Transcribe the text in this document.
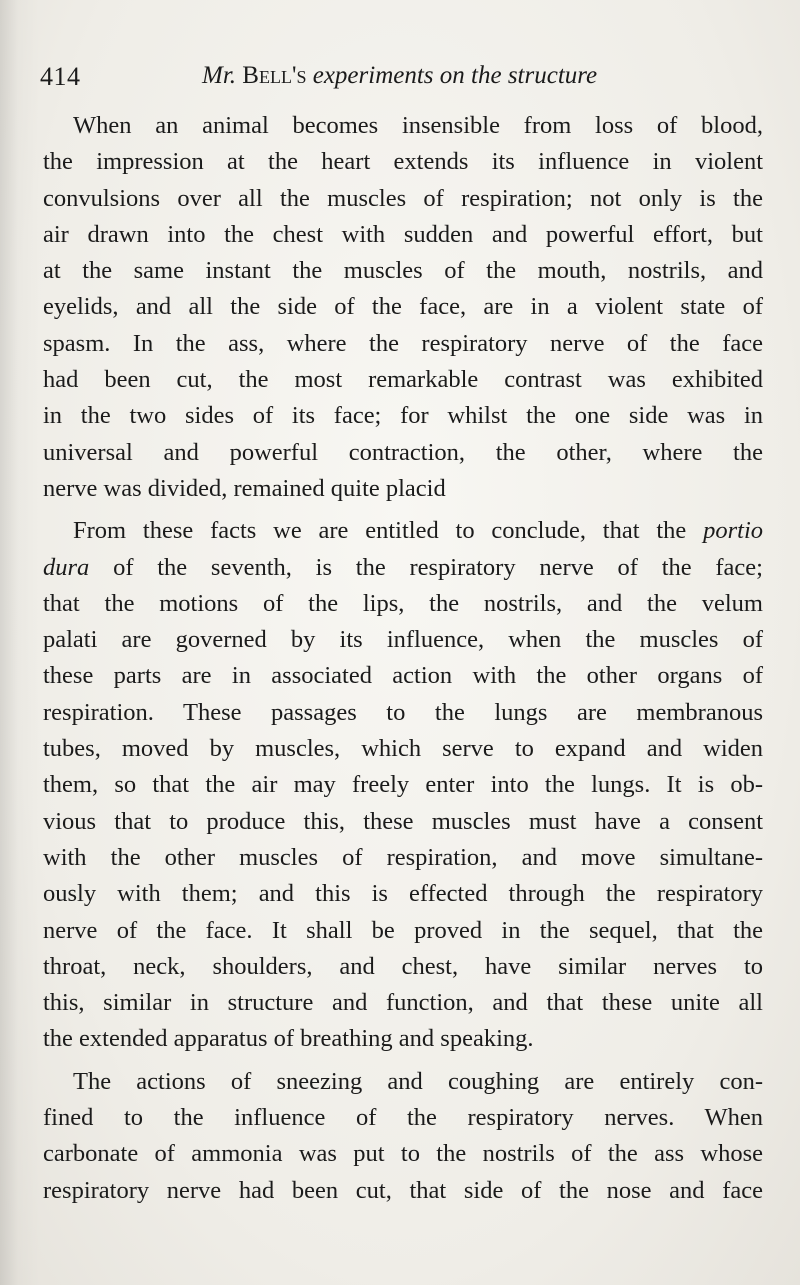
414	Mr. Bell's experiments on the structure
When an animal becomes insensible from loss of blood,
the impression at the heart extends its influence in violent
convulsions over all the muscles of respiration; not only is the
air drawn into the chest with sudden and powerful effort, but
at the same instant the muscles of the mouth, nostrils, and
eyelids, and all the side of the face, are in a violent state of
spasm. In the ass, where the respiratory nerve of the face
had been cut, the most remarkable contrast was exhibited
in the two sides of its face; for whilst the one side was in
universal and powerful contraction, the other, where the
nerve was divided, remained quite placid
From these facts we are entitled to conclude, that the portio
dura of the seventh, is the respiratory nerve of the face;
that the motions of the lips, the nostrils, and the velum
palati are governed by its influence, when the muscles of
these parts are in associated action with the other organs of
respiration. These passages to the lungs are membranous
tubes, moved by muscles, which serve to expand and widen
them, so that the air may freely enter into the lungs. It is ob-
vious that to produce this, these muscles must have a consent
with the other muscles of respiration, and move simultane-
ously with them; and this is effected through the respiratory
nerve of the face. It shall be proved in the sequel, that the
throat, neck, shoulders, and chest, have similar nerves to
this, similar in structure and function, and that these unite all
the extended apparatus of breathing and speaking.
The actions of sneezing and coughing are entirely con-
fined to the influence of the respiratory nerves. When
carbonate of ammonia was put to the nostrils of the ass whose
respiratory nerve had been cut, that side of the nose and face
